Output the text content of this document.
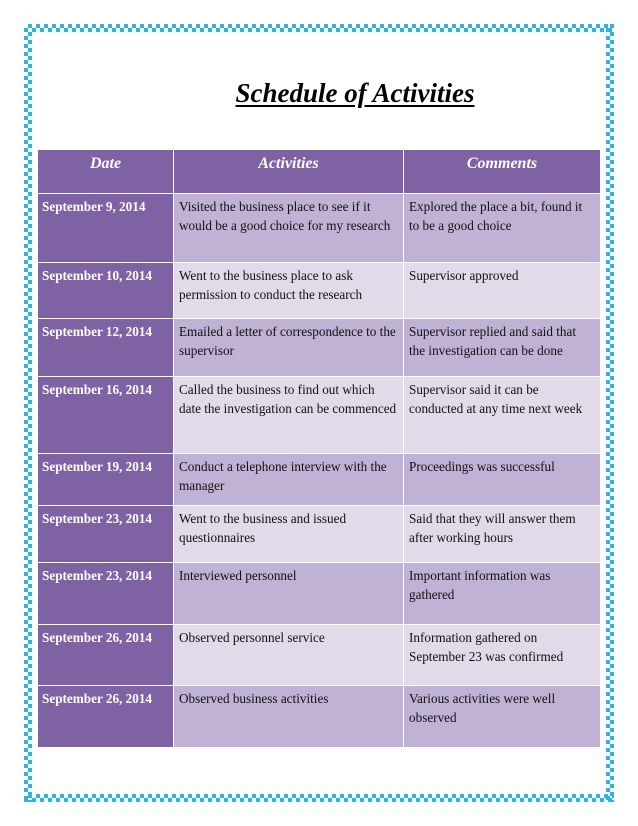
Schedule of Activities
Date	Activities	Comments
September 9, 2014	Visited the business place to see if it would be a good choice for my research	Explored the place a bit, found it to be a good choice
September 10, 2014	Went to the business place to ask permission to conduct the research	Supervisor approved
September 12, 2014	Emailed a letter of correspondence to the supervisor	Supervisor replied and said that the investigation can be done
September 16, 2014	Called the business to find out which date the investigation can be commenced	Supervisor said it can be conducted at any time next week
September 19, 2014	Conduct a telephone interview with the manager	Proceedings was successful
September 23, 2014	Went to the business and issued questionnaires	Said that they will answer them after working hours
September 23, 2014	Interviewed personnel	Important information was gathered
September 26, 2014	Observed personnel service	Information gathered on September 23 was confirmed
September 26, 2014	Observed business activities	Various activities were well observed
